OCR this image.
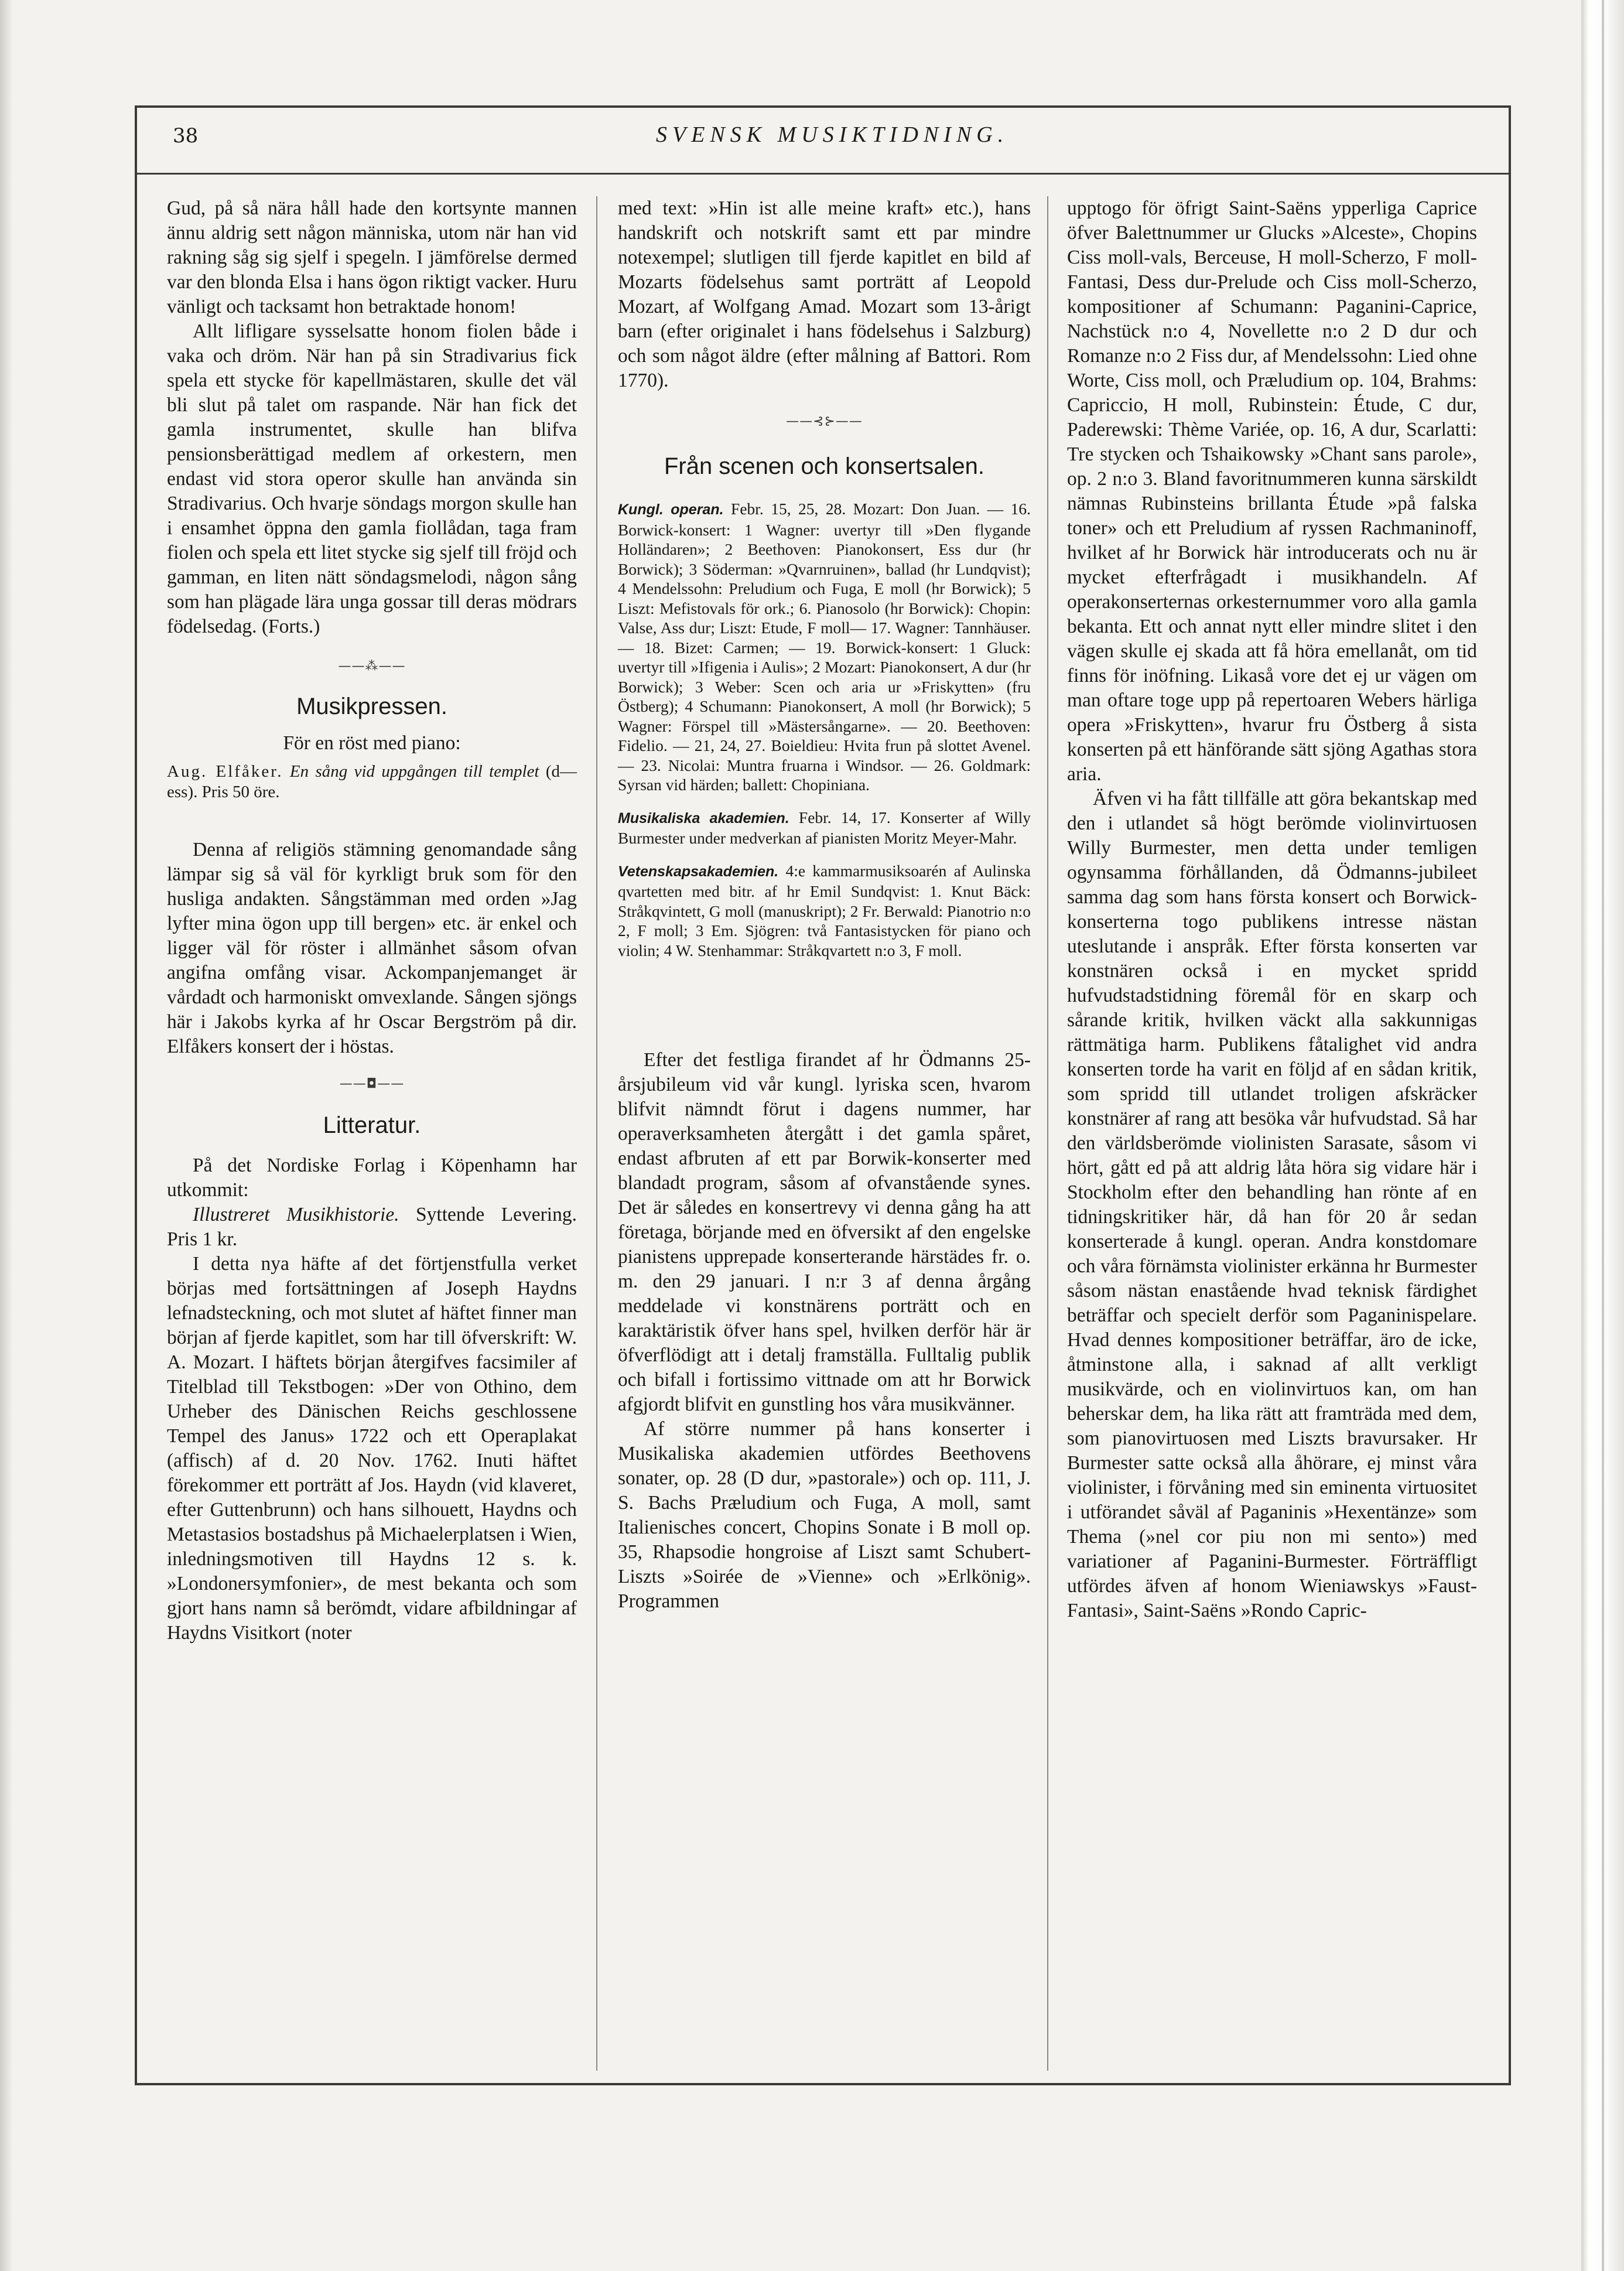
38	SVENSK MUSIKTIDNING.

Gud, på så nära håll hade den kortsynte mannen ännu aldrig sett någon människa, utom när han vid rakning såg sig sjelf i spegeln. I jämförelse dermed var den blonda Elsa i hans ögon riktigt vacker. Huru vänligt och tacksamt hon betraktade honom!

Allt lifligare sysselsatte honom fiolen både i vaka och dröm. När han på sin Stradivarius fick spela ett stycke för kapellmästaren, skulle det väl bli slut på talet om raspande. När han fick det gamla instrumentet, skulle han blifva pensionsberättigad medlem af orkestern, men endast vid stora operor skulle han använda sin Stradivarius. Och hvarje söndags morgon skulle han i ensamhet öppna den gamla fiollådan, taga fram fiolen och spela ett litet stycke sig sjelf till fröjd och gamman, en liten nätt söndagsmelodi, någon sång som han plägade lära unga gossar till deras mödrars födelsedag. (Forts.)

——⁂——
Musikpressen.

För en röst med piano:

Aug. Elfåker. En sång vid uppgången till templet (d—ess). Pris 50 öre.

Denna af religiös stämning genomandade sång lämpar sig så väl för kyrkligt bruk som för den husliga andakten. Sångstämman med orden »Jag lyfter mina ögon upp till bergen» etc. är enkel och ligger väl för röster i allmänhet såsom ofvan angifna omfång visar. Ackompanjemanget är vårdadt och harmoniskt omvexlande. Sången sjöngs här i Jakobs kyrka af hr Oscar Bergström på dir. Elfåkers konsert der i höstas.

——◘——
Litteratur.

På det Nordiske Forlag i Köpenhamn har utkommit:

Illustreret Musikhistorie. Syttende Levering. Pris 1 kr.

I detta nya häfte af det förtjenstfulla verket börjas med fortsättningen af Joseph Haydns lefnadsteckning, och mot slutet af häftet finner man början af fjerde kapitlet, som har till öfverskrift: W. A. Mozart. I häftets början återgifves facsimiler af Titelblad till Tekstbogen: »Der von Othino, dem Urheber des Dänischen Reichs geschlossene Tempel des Janus» 1722 och ett Operaplakat (affisch) af d. 20 Nov. 1762. Inuti häftet förekommer ett porträtt af Jos. Haydn (vid klaveret, efter Guttenbrunn) och hans silhouett, Haydns och Metastasios bostadshus på Michaelerplatsen i Wien, inledningsmotiven till Haydns 12 s. k. »Londonersymfonier», de mest bekanta och som gjort hans namn så berömdt, vidare afbildningar af Haydns Visitkort (noter

med text: »Hin ist alle meine kraft» etc.), hans handskrift och notskrift samt ett par mindre notexempel; slutligen till fjerde kapitlet en bild af Mozarts födelsehus samt porträtt af Leopold Mozart, af Wolfgang Amad. Mozart som 13-årigt barn (efter originalet i hans födelsehus i Salzburg) och som något äldre (efter målning af Battori. Rom 1770).

——⊰⊱——
Från scenen och konsertsalen.

Kungl. operan. Febr. 15, 25, 28. Mozart: Don Juan. — 16. Borwick-konsert: 1 Wagner: uvertyr till »Den flygande Holländaren»; 2 Beethoven: Pianokonsert, Ess dur (hr Borwick); 3 Söderman: »Qvarnruinen», ballad (hr Lundqvist); 4 Mendelssohn: Preludium och Fuga, E moll (hr Borwick); 5 Liszt: Mefistovals för ork.; 6. Pianosolo (hr Borwick): Chopin: Valse, Ass dur; Liszt: Etude, F moll— 17. Wagner: Tannhäuser. — 18. Bizet: Carmen; — 19. Borwick-konsert: 1 Gluck: uvertyr till »Ifigenia i Aulis»; 2 Mozart: Pianokonsert, A dur (hr Borwick); 3 Weber: Scen och aria ur »Friskytten» (fru Östberg); 4 Schumann: Pianokonsert, A moll (hr Borwick); 5 Wagner: Förspel till »Mästersångarne». — 20. Beethoven: Fidelio. — 21, 24, 27. Boieldieu: Hvita frun på slottet Avenel. — 23. Nicolai: Muntra fruarna i Windsor. — 26. Goldmark: Syrsan vid härden; ballett: Chopiniana.

Musikaliska akademien. Febr. 14, 17. Konserter af Willy Burmester under medverkan af pianisten Moritz Meyer-Mahr.

Vetenskapsakademien. 4:e kammarmusiksoarén af Aulinska qvartetten med bitr. af hr Emil Sundqvist: 1. Knut Bäck: Stråkqvintett, G moll (manuskript); 2 Fr. Berwald: Pianotrio n:o 2, F moll; 3 Em. Sjögren: två Fantasistycken för piano och violin; 4 W. Stenhammar: Stråkqvartett n:o 3, F moll.

Efter det festliga firandet af hr Ödmanns 25-årsjubileum vid vår kungl. lyriska scen, hvarom blifvit nämndt förut i dagens nummer, har operaverksamheten återgått i det gamla spåret, endast afbruten af ett par Borwik-konserter med blandadt program, såsom af ofvanstående synes. Det är således en konsertrevy vi denna gång ha att företaga, börjande med en öfversikt af den engelske pianistens upprepade konserterande härstädes fr. o. m. den 29 januari. I n:r 3 af denna årgång meddelade vi konstnärens porträtt och en karaktäristik öfver hans spel, hvilken derför här är öfverflödigt att i detalj framställa. Fulltalig publik och bifall i fortissimo vittnade om att hr Borwick afgjordt blifvit en gunstling hos våra musikvänner.

Af större nummer på hans konserter i Musikaliska akademien utfördes Beethovens sonater, op. 28 (D dur, »pastorale») och op. 111, J. S. Bachs Præludium och Fuga, A moll, samt Italienisches concert, Chopins Sonate i B moll op. 35, Rhapsodie hongroise af Liszt samt Schubert-Liszts »Soirée de »Vienne» och »Erlkönig». Programmen

upptogo för öfrigt Saint-Saëns ypperliga Caprice öfver Balettnummer ur Glucks »Alceste», Chopins Ciss moll-vals, Berceuse, H moll-Scherzo, F moll-Fantasi, Dess dur-Prelude och Ciss moll-Scherzo, kompositioner af Schumann: Paganini-Caprice, Nachstück n:o 4, Novellette n:o 2 D dur och Romanze n:o 2 Fiss dur, af Mendelssohn: Lied ohne Worte, Ciss moll, och Præludium op. 104, Brahms: Capriccio, H moll, Rubinstein: Étude, C dur, Paderewski: Thème Variée, op. 16, A dur, Scarlatti: Tre stycken och Tshaikowsky »Chant sans parole», op. 2 n:o 3. Bland favoritnummeren kunna särskildt nämnas Rubinsteins brillanta Étude »på falska toner» och ett Preludium af ryssen Rachmaninoff, hvilket af hr Borwick här introducerats och nu är mycket efterfrågadt i musikhandeln. Af operakonserternas orkesternummer voro alla gamla bekanta. Ett och annat nytt eller mindre slitet i den vägen skulle ej skada att få höra emellanåt, om tid finns för inöfning. Likaså vore det ej ur vägen om man oftare toge upp på repertoaren Webers härliga opera »Friskytten», hvarur fru Östberg å sista konserten på ett hänförande sätt sjöng Agathas stora aria.

Äfven vi ha fått tillfälle att göra bekantskap med den i utlandet så högt berömde violinvirtuosen Willy Burmester, men detta under temligen ogynsamma förhållanden, då Ödmanns-jubileet samma dag som hans första konsert och Borwick-konserterna togo publikens intresse nästan uteslutande i anspråk. Efter första konserten var konstnären också i en mycket spridd hufvudstadstidning föremål för en skarp och sårande kritik, hvilken väckt alla sakkunnigas rättmätiga harm. Publikens fåtalighet vid andra konserten torde ha varit en följd af en sådan kritik, som spridd till utlandet troligen afskräcker konstnärer af rang att besöka vår hufvudstad. Så har den världsberömde violinisten Sarasate, såsom vi hört, gått ed på att aldrig låta höra sig vidare här i Stockholm efter den behandling han rönte af en tidningskritiker här, då han för 20 år sedan konserterade å kungl. operan. Andra konstdomare och våra förnämsta violinister erkänna hr Burmester såsom nästan enastående hvad teknisk färdighet beträffar och specielt derför som Paganinispelare. Hvad dennes kompositioner beträffar, äro de icke, åtminstone alla, i saknad af allt verkligt musikvärde, och en violinvirtuos kan, om han beherskar dem, ha lika rätt att framträda med dem, som pianovirtuosen med Liszts bravursaker. Hr Burmester satte också alla åhörare, ej minst våra violinister, i förvåning med sin eminenta virtuositet i utförandet såväl af Paganinis »Hexentänze» som Thema (»nel cor piu non mi sento») med variationer af Paganini-Burmester. Förträffligt utfördes äfven af honom Wieniawskys »Faust-Fantasi», Saint-Saëns »Rondo Capric-
